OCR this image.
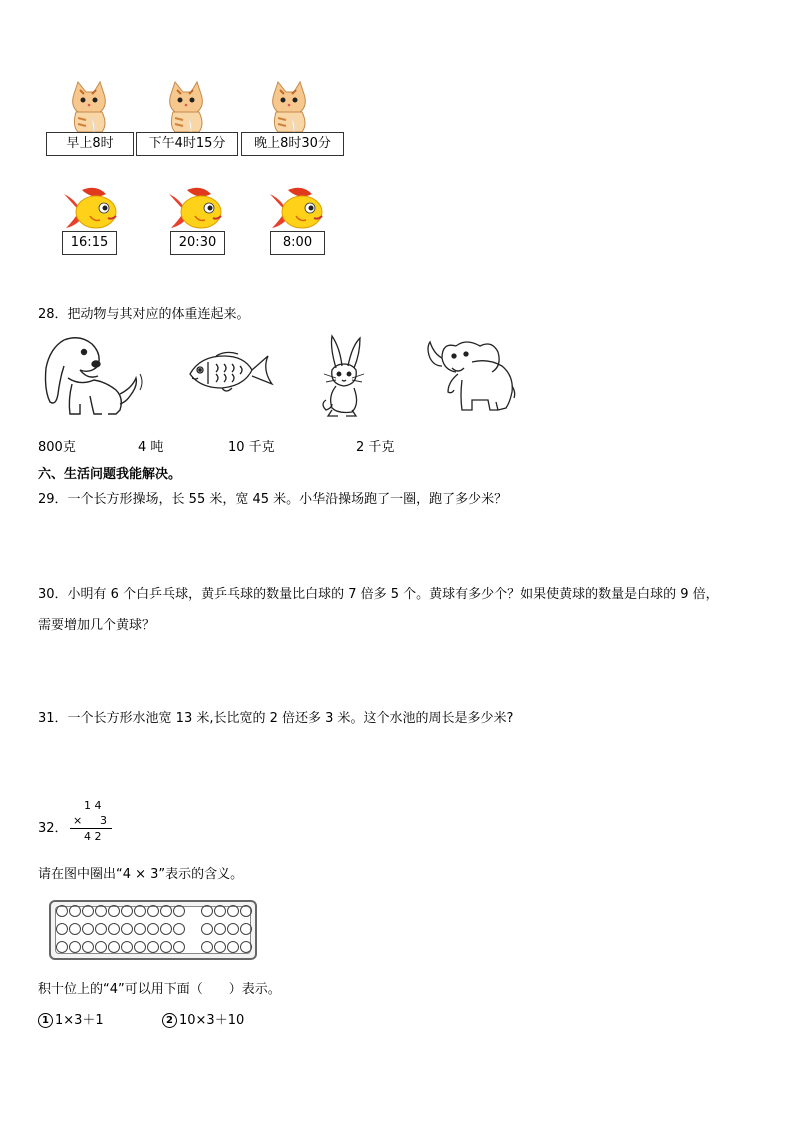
早上8时	下午4时15分	晚上8时30分
16:15	20:30	8:00
28．把动物与其对应的体重连起来。
800克	4 吨	10 千克	2 千克
六、生活问题我能解决。
29．一个长方形操场，长 55 米，宽 45 米。小华沿操场跑了一圈，跑了多少米？
30．小明有 6 个白乒乓球，黄乒乓球的数量比白球的 7 倍多 5 个。黄球有多少个？如果使黄球的数量是白球的 9 倍，
需要增加几个黄球？
31．一个长方形水池宽 13 米,长比宽的 2 倍还多 3 米。这个水池的周长是多少米?
32．
1 4
× 3
4 2
请在图中圈出“4 × 3”表示的含义。
积十位上的“4”可以用下面（　　）表示。
1 1×3＋1	2 10×3＋10
